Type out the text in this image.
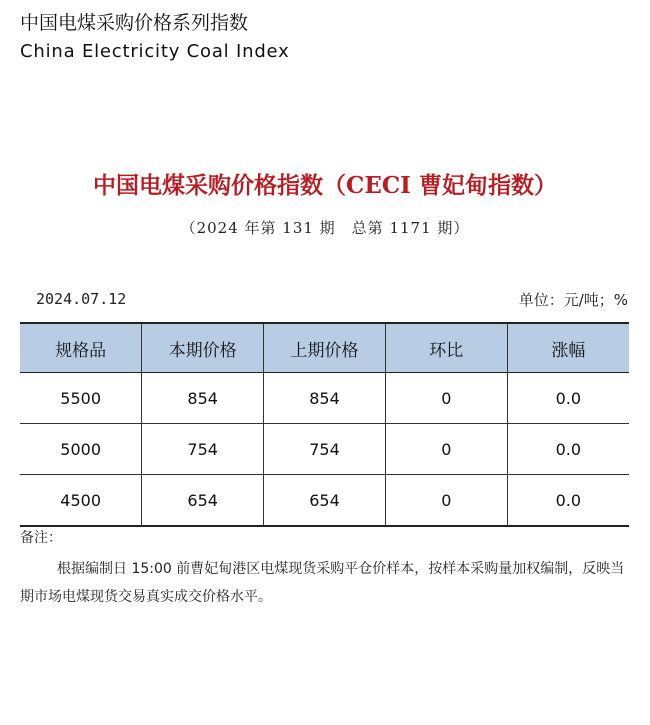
中国电煤采购价格系列指数
China Electricity Coal Index
中国电煤采购价格指数（CECI 曹妃甸指数）
（2024 年第 131 期　总第 1171 期）
2024.07.12	单位：元/吨；%
规格品	本期价格	上期价格	环比	涨幅
5500	854	854	0	0.0
5000	754	754	0	0.0
4500	654	654	0	0.0
备注：
根据编制日 15:00 前曹妃甸港区电煤现货采购平仓价样本，按样本采购量加权编制，反映当期市场电煤现货交易真实成交价格水平。
